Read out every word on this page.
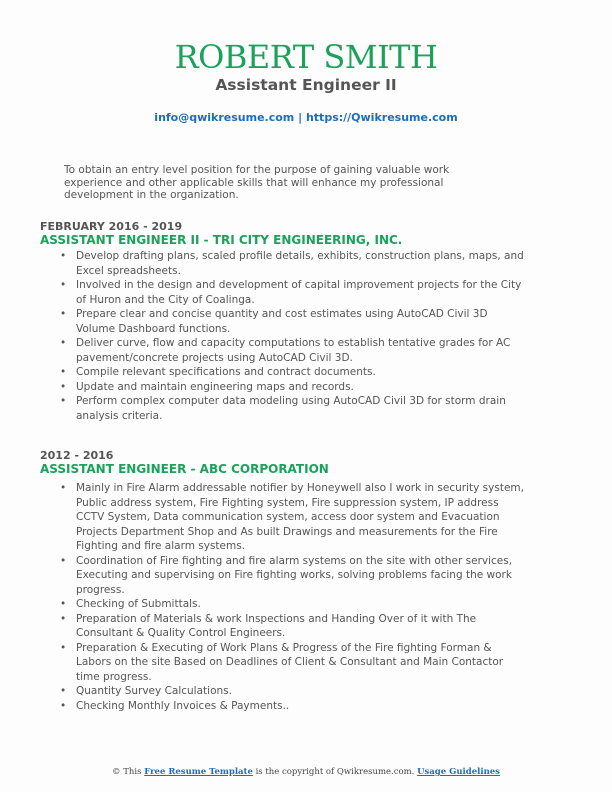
ROBERT SMITH
Assistant Engineer II
info@qwikresume.com | https://Qwikresume.com
To obtain an entry level position for the purpose of gaining valuable work experience and other applicable skills that will enhance my professional development in the organization.
FEBRUARY 2016 - 2019
ASSISTANT ENGINEER II - TRI CITY ENGINEERING, INC.
• Develop drafting plans, scaled profile details, exhibits, construction plans, maps, and Excel spreadsheets.
• Involved in the design and development of capital improvement projects for the City of Huron and the City of Coalinga.
• Prepare clear and concise quantity and cost estimates using AutoCAD Civil 3D Volume Dashboard functions.
• Deliver curve, flow and capacity computations to establish tentative grades for AC pavement/concrete projects using AutoCAD Civil 3D.
• Compile relevant specifications and contract documents.
• Update and maintain engineering maps and records.
• Perform complex computer data modeling using AutoCAD Civil 3D for storm drain analysis criteria.
2012 - 2016
ASSISTANT ENGINEER - ABC CORPORATION
• Mainly in Fire Alarm addressable notifier by Honeywell also I work in security system, Public address system, Fire Fighting system, Fire suppression system, IP address CCTV System, Data communication system, access door system and Evacuation Projects Department Shop and As built Drawings and measurements for the Fire Fighting and fire alarm systems.
• Coordination of Fire fighting and fire alarm systems on the site with other services, Executing and supervising on Fire fighting works, solving problems facing the work progress.
• Checking of Submittals.
• Preparation of Materials & work Inspections and Handing Over of it with The Consultant & Quality Control Engineers.
• Preparation & Executing of Work Plans & Progress of the Fire fighting Forman & Labors on the site Based on Deadlines of Client & Consultant and Main Contactor time progress.
• Quantity Survey Calculations.
• Checking Monthly Invoices & Payments..
© This Free Resume Template is the copyright of Qwikresume.com. Usage Guidelines
